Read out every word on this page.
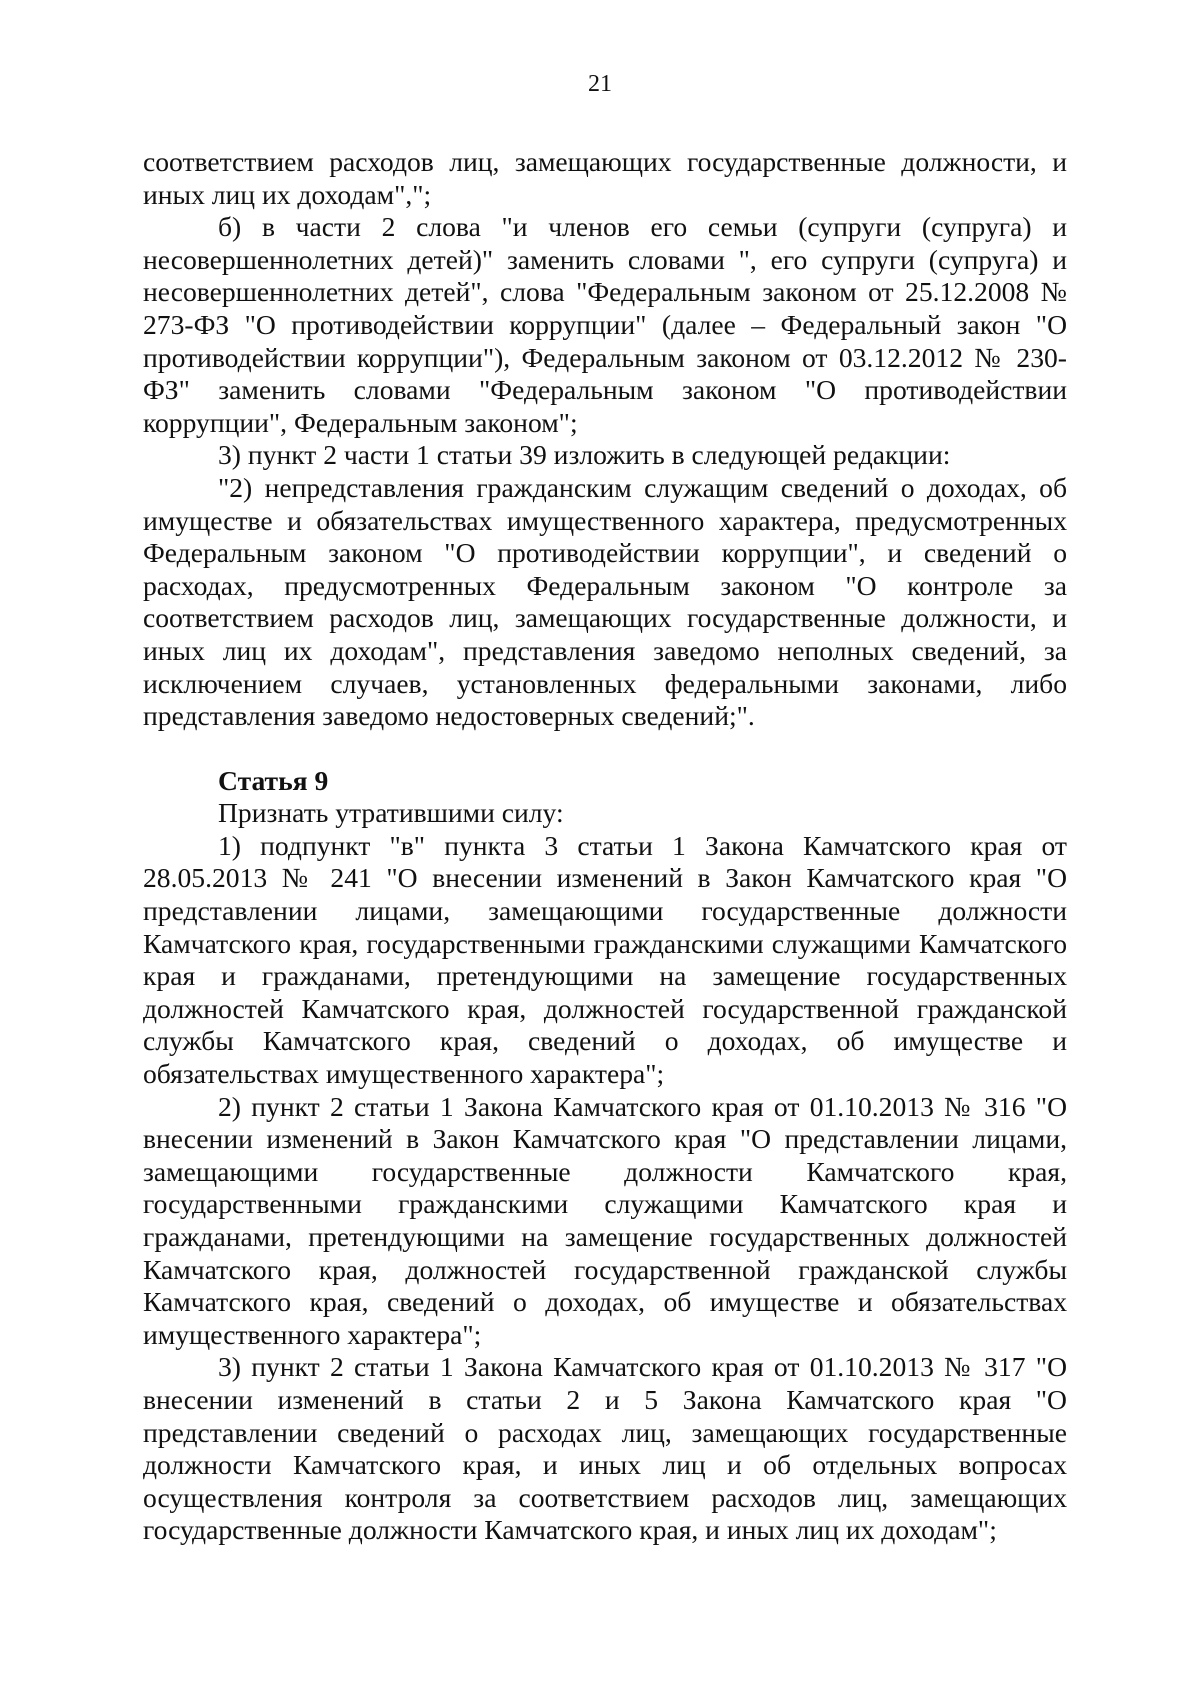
21

соответствием расходов лиц, замещающих государственные должности, и иных лиц их доходам",";

б) в части 2 слова "и членов его семьи (супруги (супруга) и несовершеннолетних детей)" заменить словами ", его супруги (супруга) и несовершеннолетних детей", слова "Федеральным законом от 25.12.2008 № 273-ФЗ "О противодействии коррупции" (далее – Федеральный закон "О противодействии коррупции"), Федеральным законом от 03.12.2012 № 230-ФЗ" заменить словами "Федеральным законом "О противодействии коррупции", Федеральным законом";

3) пункт 2 части 1 статьи 39 изложить в следующей редакции:

"2) непредставления гражданским служащим сведений о доходах, об имуществе и обязательствах имущественного характера, предусмотренных Федеральным законом "О противодействии коррупции", и сведений о расходах, предусмотренных Федеральным законом "О контроле за соответствием расходов лиц, замещающих государственные должности, и иных лиц их доходам", представления заведомо неполных сведений, за исключением случаев, установленных федеральными законами, либо представления заведомо недостоверных сведений;".

Статья 9

Признать утратившими силу:

1) подпункт "в" пункта 3 статьи 1 Закона Камчатского края от 28.05.2013 № 241 "О внесении изменений в Закон Камчатского края "О представлении лицами, замещающими государственные должности Камчатского края, государственными гражданскими служащими Камчатского края и гражданами, претендующими на замещение государственных должностей Камчатского края, должностей государственной гражданской службы Камчатского края, сведений о доходах, об имуществе и обязательствах имущественного характера";

2) пункт 2 статьи 1 Закона Камчатского края от 01.10.2013 № 316 "О внесении изменений в Закон Камчатского края "О представлении лицами, замещающими государственные должности Камчатского края, государственными гражданскими служащими Камчатского края и гражданами, претендующими на замещение государственных должностей Камчатского края, должностей государственной гражданской службы Камчатского края, сведений о доходах, об имуществе и обязательствах имущественного характера";

3) пункт 2 статьи 1 Закона Камчатского края от 01.10.2013 № 317 "О внесении изменений в статьи 2 и 5 Закона Камчатского края "О представлении сведений о расходах лиц, замещающих государственные должности Камчатского края, и иных лиц и об отдельных вопросах осуществления контроля за соответствием расходов лиц, замещающих государственные должности Камчатского края, и иных лиц их доходам";
